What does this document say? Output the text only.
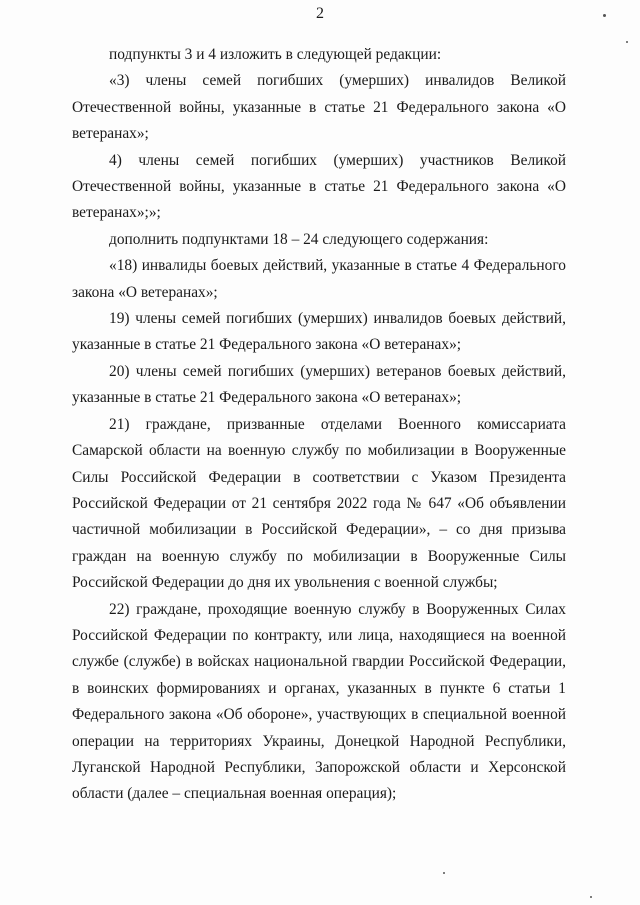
2

подпункты 3 и 4 изложить в следующей редакции:

«3) члены семей погибших (умерших) инвалидов Великой Отечественной войны, указанные в статье 21 Федерального закона «О ветеранах»;

4) члены семей погибших (умерших) участников Великой Отечественной войны, указанные в статье 21 Федерального закона «О ветеранах»;»;

дополнить подпунктами 18 – 24 следующего содержания:

«18) инвалиды боевых действий, указанные в статье 4 Федерального закона «О ветеранах»;

19) члены семей погибших (умерших) инвалидов боевых действий, указанные в статье 21 Федерального закона «О ветеранах»;

20) члены семей погибших (умерших) ветеранов боевых действий, указанные в статье 21 Федерального закона «О ветеранах»;

21) граждане, призванные отделами Военного комиссариата Самарской области на военную службу по мобилизации в Вооруженные Силы Российской Федерации в соответствии с Указом Президента Российской Федерации от 21 сентября 2022 года № 647 «Об объявлении частичной мобилизации в Российской Федерации», – со дня призыва граждан на военную службу по мобилизации в Вооруженные Силы Российской Федерации до дня их увольнения с военной службы;

22) граждане, проходящие военную службу в Вооруженных Силах Российской Федерации по контракту, или лица, находящиеся на военной службе (службе) в войсках национальной гвардии Российской Федерации, в воинских формированиях и органах, указанных в пункте 6 статьи 1 Федерального закона «Об обороне», участвующих в специальной военной операции на территориях Украины, Донецкой Народной Республики, Луганской Народной Республики, Запорожской области и Херсонской области (далее – специальная военная операция);
